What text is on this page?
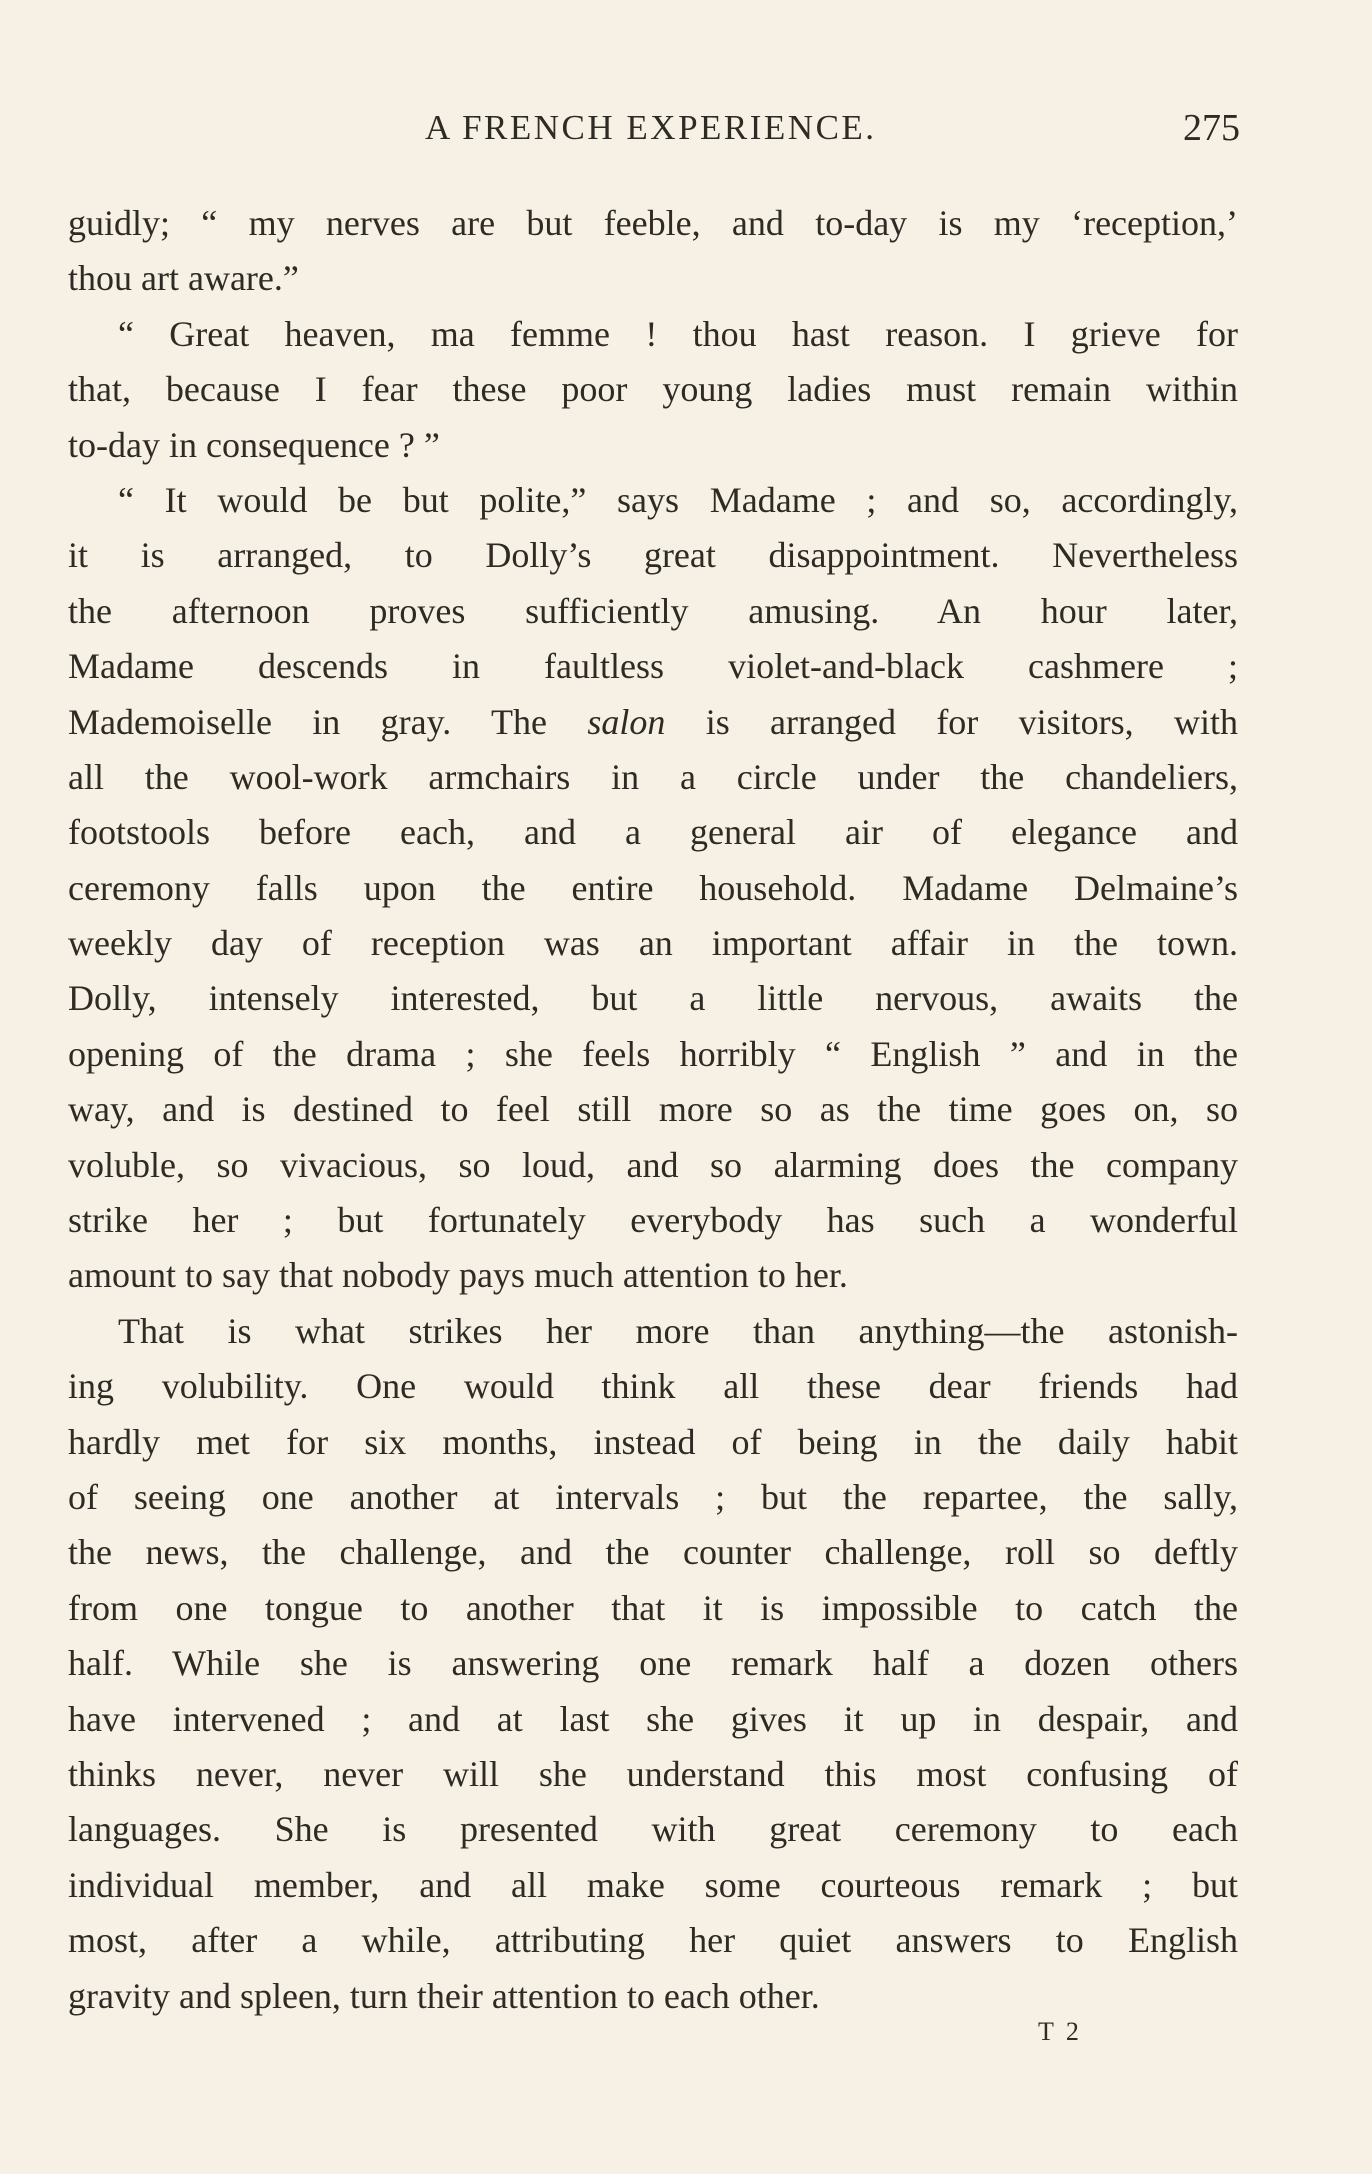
A FRENCH EXPERIENCE.	275
guidly; “ my nerves are but feeble, and to-day is my ‘reception,’
thou art aware.”
“ Great heaven, ma femme ! thou hast reason. I grieve for
that, because I fear these poor young ladies must remain within
to-day in consequence ? ”
“ It would be but polite,” says Madame ; and so, accordingly,
it is arranged, to Dolly’s great disappointment. Nevertheless
the afternoon proves sufficiently amusing. An hour later,
Madame descends in faultless violet-and-black cashmere ;
Mademoiselle in gray. The salon is arranged for visitors, with
all the wool-work armchairs in a circle under the chandeliers,
footstools before each, and a general air of elegance and
ceremony falls upon the entire household. Madame Delmaine’s
weekly day of reception was an important affair in the town.
Dolly, intensely interested, but a little nervous, awaits the
opening of the drama ; she feels horribly “ English ” and in the
way, and is destined to feel still more so as the time goes on, so
voluble, so vivacious, so loud, and so alarming does the company
strike her ; but fortunately everybody has such a wonderful
amount to say that nobody pays much attention to her.
That is what strikes her more than anything—the astonish-
ing volubility. One would think all these dear friends had
hardly met for six months, instead of being in the daily habit
of seeing one another at intervals ; but the repartee, the sally,
the news, the challenge, and the counter challenge, roll so deftly
from one tongue to another that it is impossible to catch the
half. While she is answering one remark half a dozen others
have intervened ; and at last she gives it up in despair, and
thinks never, never will she understand this most confusing of
languages. She is presented with great ceremony to each
individual member, and all make some courteous remark ; but
most, after a while, attributing her quiet answers to English
gravity and spleen, turn their attention to each other.
T 2
